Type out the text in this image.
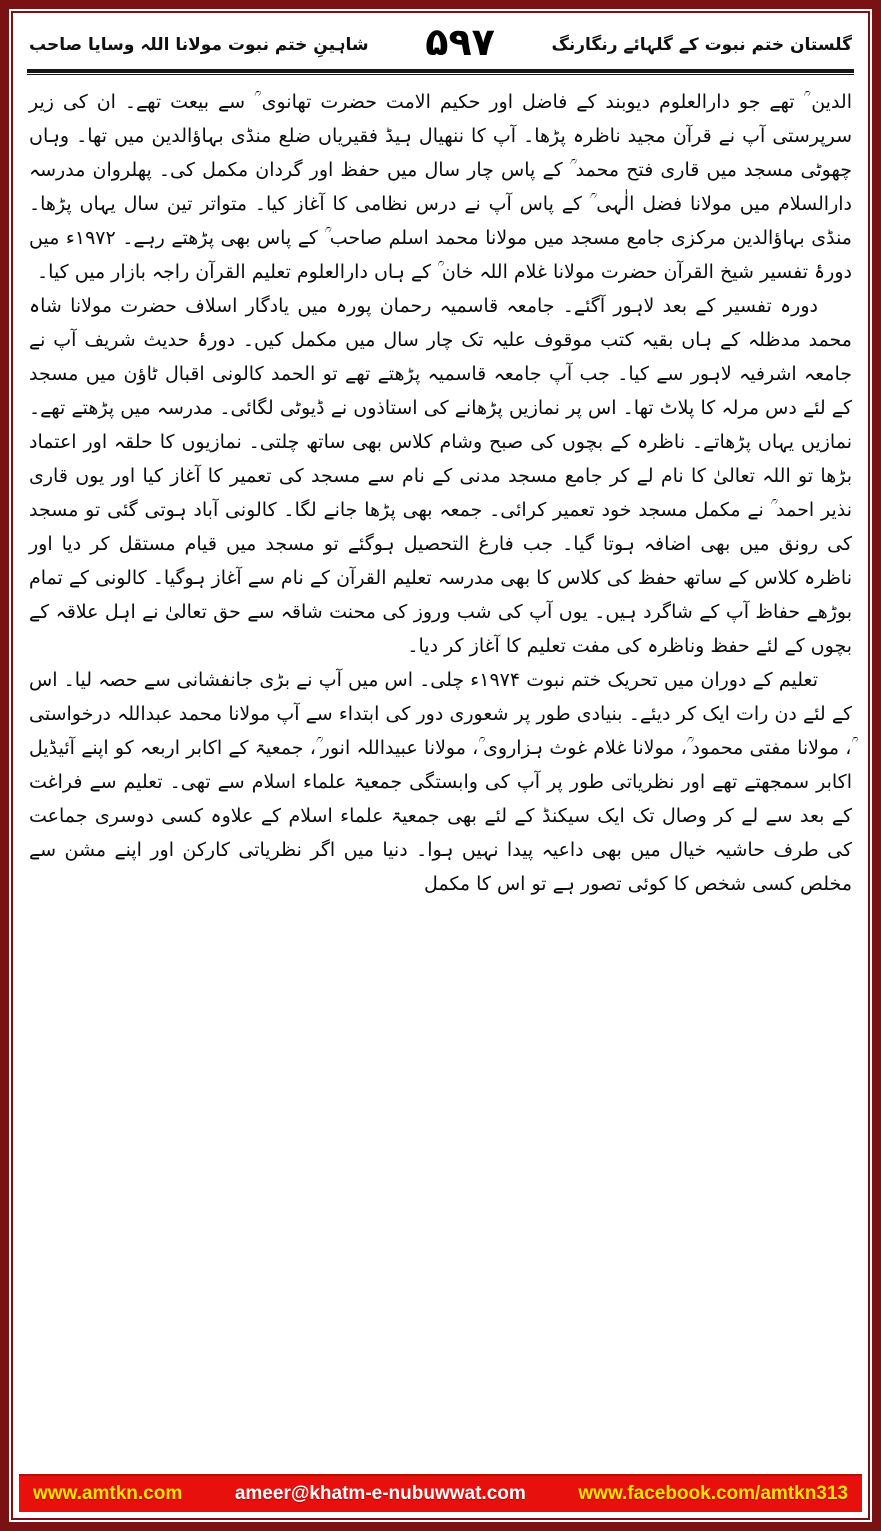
شاہینِ ختم نبوت مولانا اللہ وسایا صاحب ۵۹۷	گلستان ختم نبوت کے گلہائے رنگارنگ

الدین ؒ تھے جو دارالعلوم دیوبند کے فاضل اور حکیم الامت حضرت تھانوی ؒ سے بیعت تھے۔ ان کی زیر سرپرستی آپ نے قرآن مجید ناظرہ پڑھا۔ آپ کا ننھیال ہیڈ فقیریاں ضلع منڈی بہاؤالدین میں تھا۔ وہاں چھوٹی مسجد میں قاری فتح محمد ؒ کے پاس چار سال میں حفظ اور گردان مکمل کی۔ پھلروان مدرسہ دارالسلام میں مولانا فضل الٰہی ؒ کے پاس آپ نے درس نظامی کا آغاز کیا۔ متواتر تین سال یہاں پڑھا۔ منڈی بہاؤالدین مرکزی جامع مسجد میں مولانا محمد اسلم صاحب ؒ کے پاس بھی پڑھتے رہے۔ ۱۹۷۲ء میں دورۂ تفسیر شیخ القرآن حضرت مولانا غلام اللہ خان ؒ کے ہاں دارالعلوم تعلیم القرآن راجہ بازار میں کیا۔

دورہ تفسیر کے بعد لاہور آگئے۔ جامعہ قاسمیہ رحمان پورہ میں یادگار اسلاف حضرت مولانا شاہ محمد مدظلہ کے ہاں بقیہ کتب موقوف علیہ تک چار سال میں مکمل کیں۔ دورۂ حدیث شریف آپ نے جامعہ اشرفیہ لاہور سے کیا۔ جب آپ جامعہ قاسمیہ پڑھتے تھے تو الحمد کالونی اقبال ٹاؤن میں مسجد کے لئے دس مرلہ کا پلاٹ تھا۔ اس پر نمازیں پڑھانے کی استاذوں نے ڈیوٹی لگائی۔ مدرسہ میں پڑھتے تھے۔ نمازیں یہاں پڑھاتے۔ ناظرہ کے بچوں کی صبح وشام کلاس بھی ساتھ چلتی۔ نمازیوں کا حلقہ اور اعتماد بڑھا تو اللہ تعالیٰ کا نام لے کر جامع مسجد مدنی کے نام سے مسجد کی تعمیر کا آغاز کیا اور یوں قاری نذیر احمد ؒ نے مکمل مسجد خود تعمیر کرائی۔ جمعہ بھی پڑھا جانے لگا۔ کالونی آباد ہوتی گئی تو مسجد کی رونق میں بھی اضافہ ہوتا گیا۔ جب فارغ التحصیل ہوگئے تو مسجد میں قیام مستقل کر دیا اور ناظرہ کلاس کے ساتھ حفظ کی کلاس کا بھی مدرسہ تعلیم القرآن کے نام سے آغاز ہوگیا۔ کالونی کے تمام بوڑھے حفاظ آپ کے شاگرد ہیں۔ یوں آپ کی شب وروز کی محنت شاقہ سے حق تعالیٰ نے اہل علاقہ کے بچوں کے لئے حفظ وناظرہ کی مفت تعلیم کا آغاز کر دیا۔

تعلیم کے دوران میں تحریک ختم نبوت ۱۹۷۴ء چلی۔ اس میں آپ نے بڑی جانفشانی سے حصہ لیا۔ اس کے لئے دن رات ایک کر دیئے۔ بنیادی طور پر شعوری دور کی ابتداء سے آپ مولانا محمد عبداللہ درخواستی ؒ، مولانا مفتی محمود ؒ، مولانا غلام غوث ہزاروی ؒ، مولانا عبیداللہ انور ؒ، جمعیۃ کے اکابر اربعہ کو اپنے آئیڈیل اکابر سمجھتے تھے اور نظریاتی طور پر آپ کی وابستگی جمعیۃ علماء اسلام سے تھی۔ تعلیم سے فراغت کے بعد سے لے کر وصال تک ایک سیکنڈ کے لئے بھی جمعیۃ علماء اسلام کے علاوہ کسی دوسری جماعت کی طرف حاشیہ خیال میں بھی داعیہ پیدا نہیں ہوا۔ دنیا میں اگر نظریاتی کارکن اور اپنے مشن سے مخلص کسی شخص کا کوئی تصور ہے تو اس کا مکمل

www.amtkn.com	ameer@khatm-e-nubuwwat.com	www.facebook.com/amtkn313
